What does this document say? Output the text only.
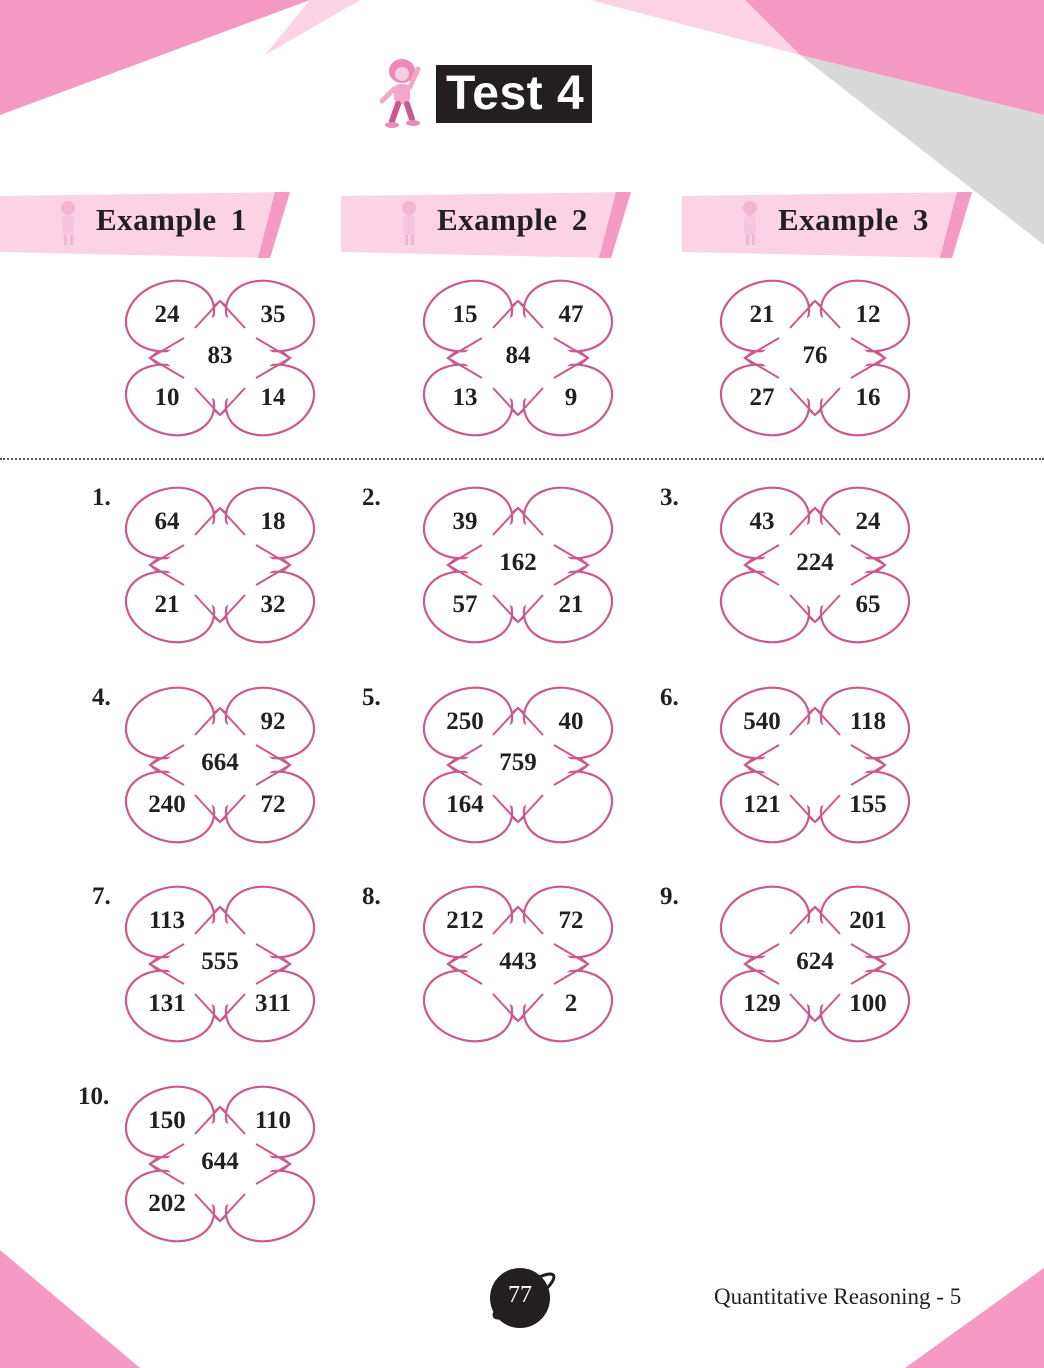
Test 4
Example 1	Example 2	Example 3
24	35
83
10	14
15	47
84
13	9
21	12
76
27	16
1.
64	18
21	32
2.
39
162
57	21
3.
43	24
224
65
4.
92
664
240	72
5.
250	40
759
164
6.
540	118
121	155
7.
113
555
131	311
8.
212	72
443
2
9.
201
624
129	100
10.
150	110
644
202
77	Quantitative Reasoning - 5
